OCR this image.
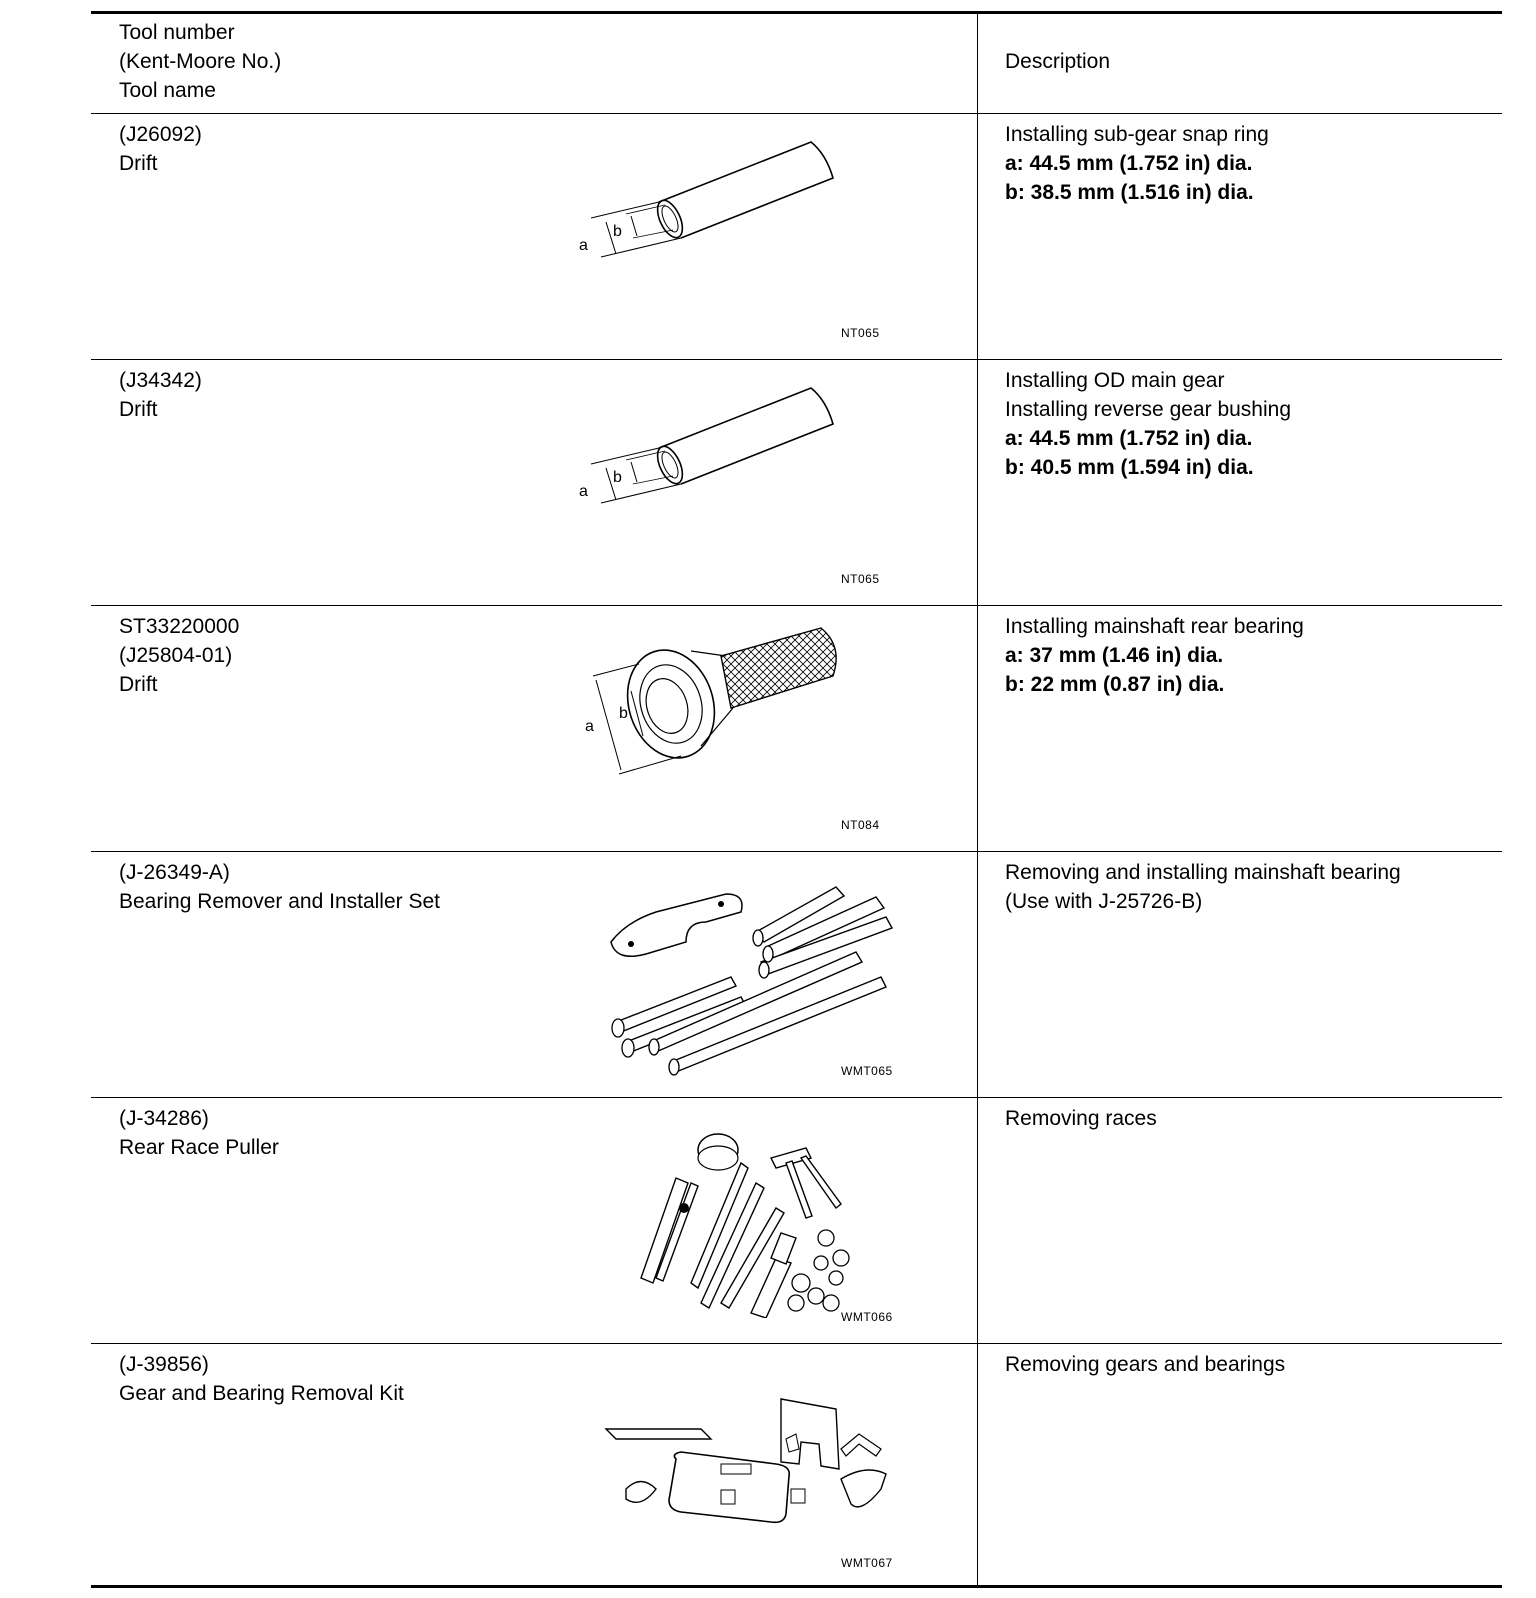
Tool number
(Kent-Moore No.)
Tool name
Description
(J26092)
Drift
a
b
NT065
Installing sub-gear snap ring
a: 44.5 mm (1.752 in) dia.
b: 38.5 mm (1.516 in) dia.
(J34342)
Drift
a
b
NT065
Installing OD main gear
Installing reverse gear bushing
a: 44.5 mm (1.752 in) dia.
b: 40.5 mm (1.594 in) dia.
ST33220000
(J25804-01)
Drift
a
b
NT084
Installing mainshaft rear bearing
a: 37 mm (1.46 in) dia.
b: 22 mm (0.87 in) dia.
(J-26349-A)
Bearing Remover and Installer Set
WMT065
Removing and installing mainshaft bearing
(Use with J-25726-B)
(J-34286)
Rear Race Puller
WMT066
Removing races
(J-39856)
Gear and Bearing Removal Kit
WMT067
Removing gears and bearings
